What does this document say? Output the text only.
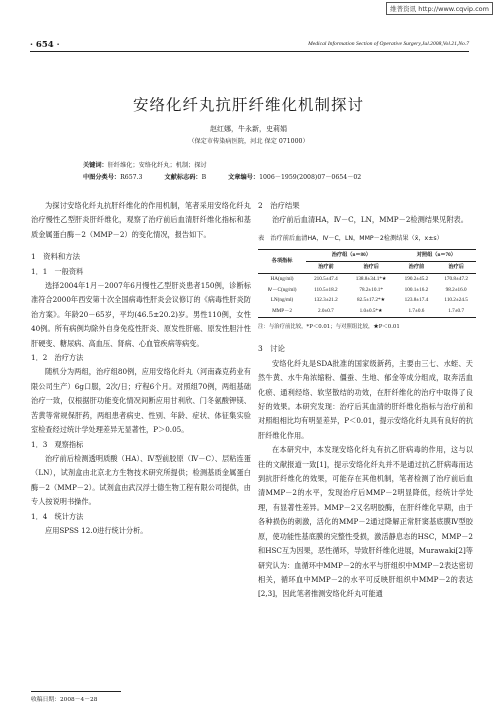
维普资讯 http://www.cqvip.com
· 654 ·	Medical Information Section of Operative Surgery,Jul.2008,Vol.21,No.7
安络化纤丸抗肝纤维化机制探讨
赵红娜，牛永新，史莉娟
（保定市传染病医院，河北 保定 071000）
关键词：肝纤维化；安络化纤丸；机制；探讨
中图分类号：R657.3	文献标志码：B	文章编号：1006－1959(2008)07－0654－02

为探讨安络化纤丸抗肝纤维化的作用机制，笔者采用安络化纤丸治疗慢性乙型肝炎肝纤维化，观察了治疗前后血清肝纤维化指标和基质金属蛋白酶－2（MMP－2）的变化情况，报告如下。

1　资料和方法

1．1　一般资料

选择2004年1月－2007年6月慢性乙型肝炎患者150例，诊断标准符合2000年西安第十次全国病毒性肝炎会议修订的《病毒性肝炎防治方案》。年龄20－65岁，平均(46.5±20.2)岁。男性110例，女性40例。所有病例均除外自身免疫性肝炎、原发性肝癌、原发性胆汁性肝硬变、糖尿病、高血压、肾病、心血管疾病等病变。

1．2　治疗方法

随机分为两组，治疗组80例，应用安络化纤丸（河南森克药业有限公司生产）6g口服，2次/日；疗程6个月。对照组70例，两组基础治疗一致，仅根据肝功能变化情况间断应用甘利欣、门冬氨酸钾镁、苦黄等常规保肝药，两组患者病史、性别、年龄、症状、体征集实验室检查经过统计学处理差异无显著性，P＞0.05。

1．3　观察指标

治疗前后检测透明质酸（HA）、Ⅳ型前胶原（Ⅳ－C）、层粘连蛋（LN），试剂盒由北京北方生物技术研究所提供；检测基质金属蛋白酶－2（MMP－2）。试剂盒由武汉浮士德生物工程有限公司提供，由专人按说明书操作。

1．4　统计方法

应用SPSS 12.0进行统计分析。

2　治疗结果

治疗前后血清HA，Ⅳ－C，LN，MMP－2检测结果见附表。

表　治疗前后血清HA，Ⅳ－C，LN，MMP－2检测结果（x̄，x±s）

各项指标	治疗组（n＝80）		对照组（n＝70）	
	治疗前	治疗后	治疗前	治疗后
HA(ng/ml)	210.5±47.4	138.8±34.1*★	190.2±45.2	170.8±47.2
Ⅳ－C(ng/ml)	110.5±18.2	78.2±10.1*	100.1±16.2	98.2±16.0
LN(ng/ml)	132.3±21.2	82.5±17.2*★	123.8±17.4	110.2±24.5
MMP－2	2.0±0.7	1.0±0.5*★	1.7±0.6	1.7±0.7

注：与治疗前比较，*P＜0.01；与对照组比较，★P＜0.01

3　讨论

安络化纤丸是SDA批准的国家级新药，主要由三七、水蛭、天然牛黄、水牛角浓缩粉、僵蚕、生地、郁金等成分组成，取奔活血化瘀、通利经络、软坚散结的功效，在肝纤维化的治疗中取得了良好的效果。本研究发现：治疗后其血清的肝纤维化指标与治疗前和对照组相比均有明显差异，P＜0.01，提示安络化纤丸具有良好的抗肝纤维化作用。

在本研究中，本发现安络化纤丸有抗乙肝病毒的作用，这与以往的文献报道一致[1]，提示安络化纤丸并不是通过抗乙肝病毒而达到抗肝纤维化的效果，可能存在其他机制，笔者检测了治疗前后血清MMP－2的水平，发现治疗后MMP－2明显降低，经统计学处理，有显著性差异。MMP－2又名明胶酶，在肝纤维化早期，由于各种损伤的刺激，活化的MMP－2通过降解正常肝窦基底膜Ⅳ型胶原，使功能性基底膜的完整性受损，激活静息态的HSC，MMP－2和HSC互为因果，恶性循环，导致肝纤维化进展，Murawaki[2]等研究认为：血循环中MMP－2的水平与肝组织中MMP－2表达密切相关，循环血中MMP－2的水平可反映肝组织中MMP－2的表达[2,3]，因此笔者推测安络化纤丸可能通

收稿日期：2008－4－28
